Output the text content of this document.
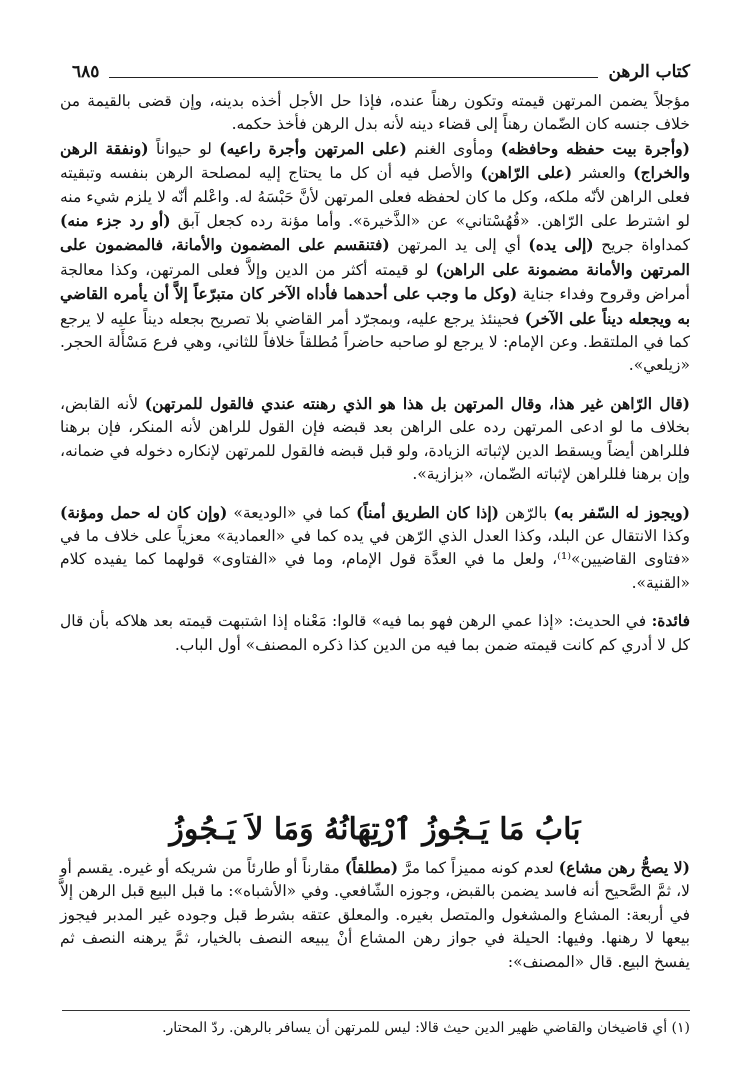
كتاب الرهن
٦٨٥

مؤجلاً يضمن المرتهن قيمته وتكون رهناً عنده، فإذا حل الأجل أخذه بدينه، وإن قضى بالقيمة من خلاف جنسه كان الضّمان رهناً إلى قضاء دينه لأنه بدل الرهن فأخذ حكمه.

(وأجرة بيت حفظه وحافظه) ومأوى الغنم (على المرتهن وأجرة راعيه) لو حيواناً (ونفقة الرهن والخراج) والعشر (على الرّاهن) والأصل فيه أن كل ما يحتاج إليه لمصلحة الرهن بنفسه وتبقيته فعلى الراهن لأنّه ملكه، وكل ما كان لحفظه فعلى المرتهن لأنَّ حَبْسَهُ له. واعْلم أنّه لا يلزم شيء منه لو اشترط على الرّاهن. «قُهُسْتاني» عن «الذَّخيرة». وأما مؤنة رده كجعل آبق (أو رد جزء منه) كمداواة جريح (إلى يده) أي إلى يد المرتهن (فتنقسم على المضمون والأمانة، فالمضمون على المرتهن والأمانة مضمونة على الراهن) لو قيمته أكثر من الدين وإلاَّ فعلى المرتهن، وكذا معالجة أمراض وقروح وفداء جناية (وكل ما وجب على أحدهما فأداه الآخر كان متبرّعاً إلاَّ أن يأمره القاضي به ويجعله ديناً على الآخر) فحينئذ يرجع عليه، وبمجرّد أمر القاضي بلا تصريح بجعله ديناً عليه لا يرجع كما في الملتقط. وعن الإمام: لا يرجع لو صاحبه حاضراً مُطلقاً خلافاً للثاني، وهي فرع مَسْأَلة الحجر. «زيلعي».

(قال الرّاهن غير هذا، وقال المرتهن بل هذا هو الذي رهنته عندي فالقول للمرتهن) لأنه القابض، بخلاف ما لو ادعى المرتهن رده على الراهن بعد قبضه فإن القول للراهن لأنه المنكر، فإن برهنا فللراهن أيضاً ويسقط الدين لإثباته الزيادة، ولو قبل قبضه فالقول للمرتهن لإنكاره دخوله في ضمانه، وإن برهنا فللراهن لإثباته الضّمان، «بزازية».

(ويجوز له السّفر به) بالرّهن (إذا كان الطريق أمناً) كما في «الوديعة» (وإن كان له حمل ومؤنة) وكذا الانتقال عن البلد، وكذا العدل الذي الرّهن في يده كما في «العمادية» معزياً على خلاف ما في «فتاوى القاضيين»⁽¹⁾، ولعل ما في العدَّة قول الإمام، وما في «الفتاوى» قولهما كما يفيده كلام «القنية».

فائدة: في الحديث: «إذا عمي الرهن فهو بما فيه» قالوا: مَعْناه إذا اشتبهت قيمته بعد هلاكه بأن قال كل لا أدري كم كانت قيمته ضمن بما فيه من الدين كذا ذكره المصنف» أول الباب.

بَابُ مَا يَـجُوزُ ٱرْتِهَانُهُ وَمَا لاَ يَـجُوزُ

(لا يصحُّ رهن مشاع) لعدم كونه مميزاً كما مرَّ (مطلقاً) مقارناً أو طارئاً من شريكه أو غيره. يقسم أو لا، ثمَّ الصَّحيح أنه فاسد يضمن بالقبض، وجوزه الشّافعي. وفي «الأشباه»: ما قبل البيع قبل الرهن إلاَّ في أربعة: المشاع والمشغول والمتصل بغيره. والمعلق عتقه بشرط قبل وجوده غير المدبر فيجوز بيعها لا رهنها. وفيها: الحيلة في جواز رهن المشاع أنْ يبيعه النصف بالخيار، ثمَّ يرهنه النصف ثم يفسخ البيع. قال «المصنف»:

(١) أي قاضيخان والقاضي ظهير الدين حيث قالا: ليس للمرتهن أن يسافر بالرهن. ردّ المحتار.
